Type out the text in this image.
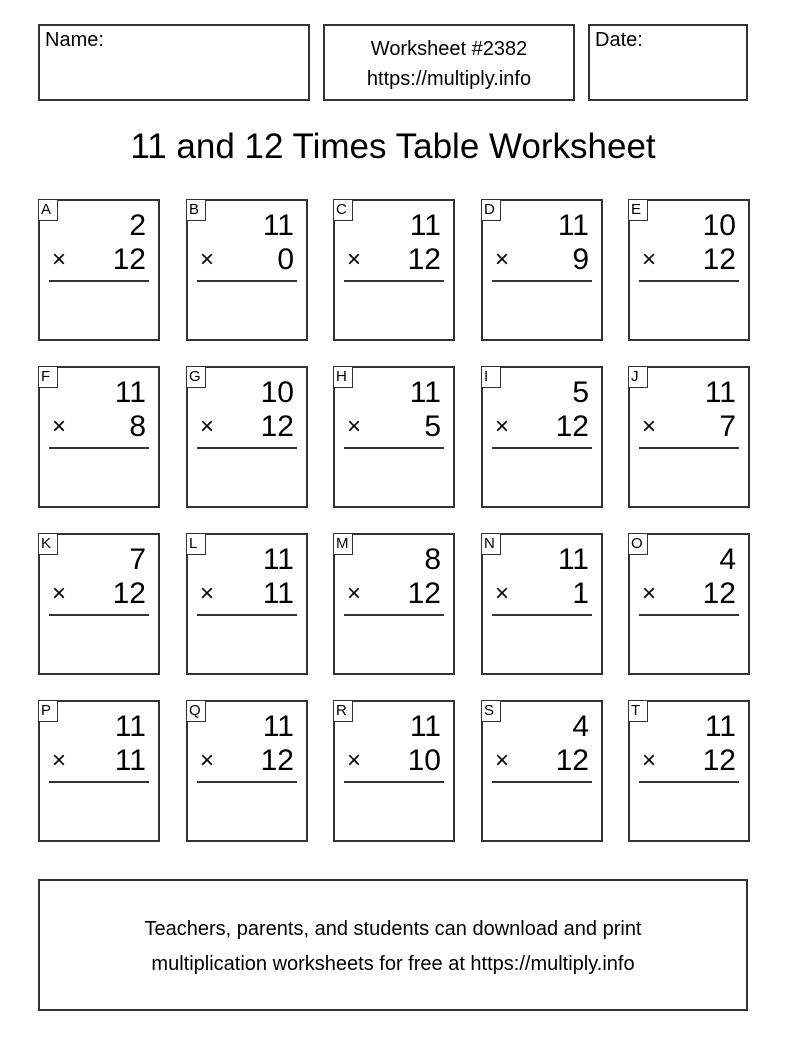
Name:	Worksheet #2382
https://multiply.info
Date:
11 and 12 Times Table Worksheet
A	2
× 12
B 11
× 0
C 11
× 12
D 11
× 9
E 10
× 12
F 11
× 8
G 10
× 12
H 11
× 5
I	5
× 12
J	11
× 7
K	7
× 12
L 11
× 11
M	8
× 12
N 11
× 1
O	4
× 12
P 11
× 11
Q 11
× 12
R 11
× 10
S	4
× 12
T 11
× 12
Teachers, parents, and students can download and print
multiplication worksheets for free at https://multiply.info
